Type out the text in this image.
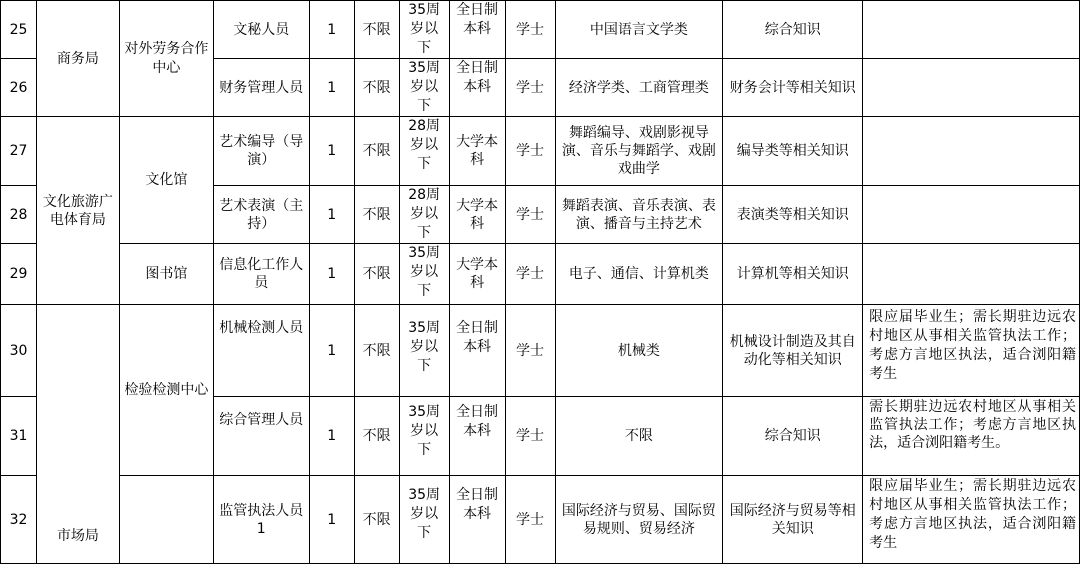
25	商务局	对外劳务合作中心	文秘人员	1	不限	35周岁以下	全日制本科	学士	中国语言文学类	综合知识	
26			财务管理人员	1	不限	35周岁以下	全日制本科	学士	经济学类、工商管理类	财务会计等相关知识	
27	文化旅游广电体育局	文化馆	艺术编导（导演）	1	不限	28周岁以下	大学本科	学士	舞蹈编导、戏剧影视导演、音乐与舞蹈学、戏剧戏曲学	编导类等相关知识	
28			艺术表演（主持）	1	不限	28周岁以下	大学本科	学士	舞蹈表演、音乐表演、表演、播音与主持艺术	表演类等相关知识	
29		图书馆	信息化工作人员	1	不限	35周岁以下	大学本科	学士	电子、通信、计算机类	计算机等相关知识	
30	市场局	检验检测中心	机械检测人员	1	不限	35周岁以下	全日制本科	学士	机械类	机械设计制造及其自动化等相关知识	限应届毕业生；需长期驻边远农村地区从事相关监管执法工作；考虑方言地区执法，适合浏阳籍考生
31			综合管理人员	1	不限	35周岁以下	全日制本科	学士	不限	综合知识	需长期驻边远农村地区从事相关监管执法工作；考虑方言地区执法，适合浏阳籍考生。
32			监管执法人员1	1	不限	35周岁以下	全日制本科	学士	国际经济与贸易、国际贸易规则、贸易经济	国际经济与贸易等相关知识	限应届毕业生；需长期驻边远农村地区从事相关监管执法工作；考虑方言地区执法，适合浏阳籍考生
